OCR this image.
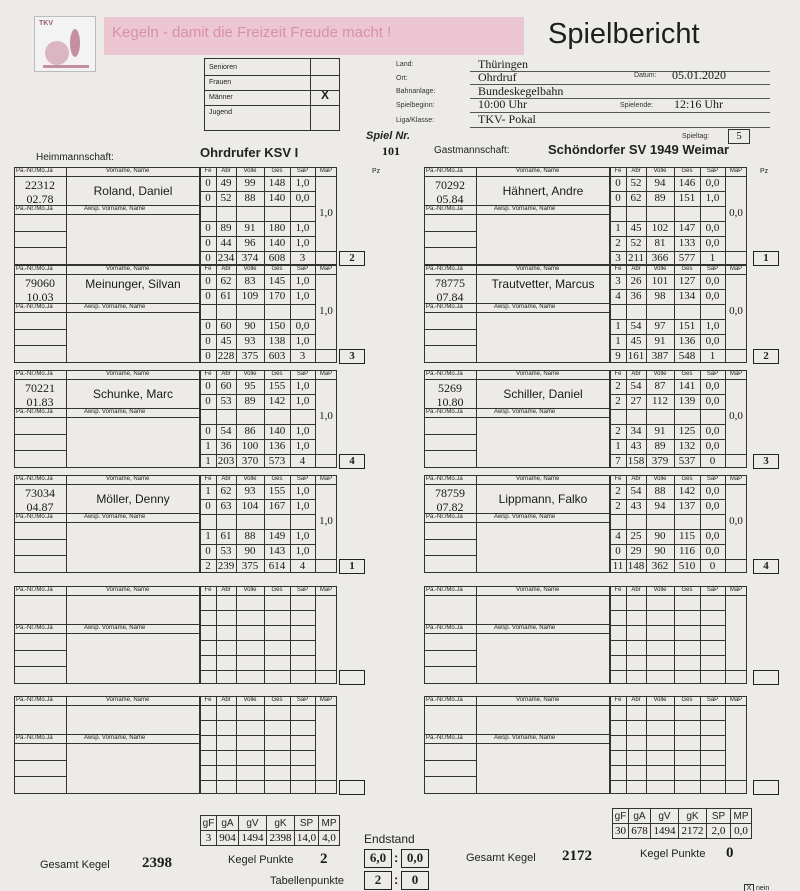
TKV
Kegeln - damit die Freizeit Freude macht !	Spielbericht
Senioren
Frauen
Männer	X
Jugend
Land:	Thüringen
Ort:	Ohrdruf	Datum: 05.01.2020
Bahnanlage:	Bundeskegelbahn
Spielbeginn:	10:00 Uhr	Spielende: 12:16 Uhr
Liga/Klasse:	TKV- Pokal
Spiel Nr.
101
Spieltag:	5
Heimmannschaft:	Ohrdrufer KSV I	Gastmannschaft:	Schöndorfer SV 1949 Weimar
Pz	Pz
Pa.-Nr./Mo.Ja	Vorname, Name
Pa.-Nr./Mo.Ja	Awsp. Vorname, Name
22312
02.78
Roland, Daniel
Fe	Abr	Volle	Ges	SaP	MaP
0 49	99	148 1,0
0 52	88	140 0,0
0 89	91	180 1,0
0 44	96	140 1,0
0 234 374 608	3
1,0
2
Pa.-Nr./Mo.Ja	Vorname, Name
Pa.-Nr./Mo.Ja	Awsp. Vorname, Name
70292
05.84
Hähnert, Andre
Fe	Abr	Volle	Ges	SaP	MaP
0 52	94	146 0,0
0 62	89	151 1,0
1 45 102 147 0,0
2 52	81	133 0,0
3 211 366 577	1
0,0
1
Pa.-Nr./Mo.Ja	Vorname, Name
Pa.-Nr./Mo.Ja	Awsp. Vorname, Name
79060
10.03
Meinunger, Silvan
Fe	Abr	Volle	Ges	SaP	MaP
0 62	83	145 1,0
0 61 109 170 1,0
0 60	90	150 0,0
0 45	93	138 1,0
0 228 375 603	3
1,0
3
Pa.-Nr./Mo.Ja	Vorname, Name
Pa.-Nr./Mo.Ja	Awsp. Vorname, Name
78775
07.84
Trautvetter, Marcus
Fe	Abr	Volle	Ges	SaP	MaP
3 26 101 127 0,0
4 36	98	134 0,0
1 54	97	151 1,0
1 45	91	136 0,0
9 161 387 548	1
0,0
2
Pa.-Nr./Mo.Ja	Vorname, Name
Pa.-Nr./Mo.Ja	Awsp. Vorname, Name
70221
01.83
Schunke, Marc
Fe	Abr	Volle	Ges	SaP	MaP
0 60	95	155 1,0
0 53	89	142 1,0
0 54	86	140 1,0
1 36 100 136 1,0
1 203 370 573	4
1,0
4
Pa.-Nr./Mo.Ja	Vorname, Name
Pa.-Nr./Mo.Ja	Awsp. Vorname, Name
5269
10.80
Schiller, Daniel
Fe	Abr	Volle	Ges	SaP	MaP
2 54	87	141 0,0
2 27 112 139 0,0
2 34	91	125 0,0
1 43	89	132 0,0
7 158 379 537	0
0,0
3
Pa.-Nr./Mo.Ja	Vorname, Name
Pa.-Nr./Mo.Ja	Awsp. Vorname, Name
73034
04.87
Möller, Denny
Fe	Abr	Volle	Ges	SaP	MaP
1 62	93	155 1,0
0 63 104 167 1,0
1 61	88	149 1,0
0 53	90	143 1,0
2 239 375 614	4
1,0
1
Pa.-Nr./Mo.Ja	Vorname, Name
Pa.-Nr./Mo.Ja	Awsp. Vorname, Name
78759
07.82
Lippmann, Falko
Fe	Abr	Volle	Ges	SaP	MaP
2 54	88	142 0,0
2 43	94	137 0,0
4 25	90	115 0,0
0 29	90	116 0,0
11 148 362 510	0
0,0
4
Pa.-Nr./Mo.Ja	Vorname, Name
Pa.-Nr./Mo.Ja	Awsp. Vorname, Name
Fe	Abr	Volle	Ges	SaP	MaP	Pa.-Nr./Mo.Ja	Vorname, Name
Pa.-Nr./Mo.Ja	Awsp. Vorname, Name
Fe	Abr	Volle	Ges	SaP	MaP
Pa.-Nr./Mo.Ja	Vorname, Name
Pa.-Nr./Mo.Ja	Awsp. Vorname, Name
Fe	Abr	Volle	Ges	SaP	MaP	Pa.-Nr./Mo.Ja	Vorname, Name
Pa.-Nr./Mo.Ja	Awsp. Vorname, Name
Fe	Abr	Volle	Ges	SaP	MaP
gF	gA	gV	gK	SP	MP
3	904	1494	2398	14,0	4,0
gF	gA	gV	gK	SP	MP
30	678	1494	2172	2,0	0,0
Endstand
Gesamt Kegel 2398	Kegel Punkte 2	6,0 : 0,0
Tabellenpunkte	2 :	0
Gesamt Kegel 2172	Kegel Punkte 0
X nein
